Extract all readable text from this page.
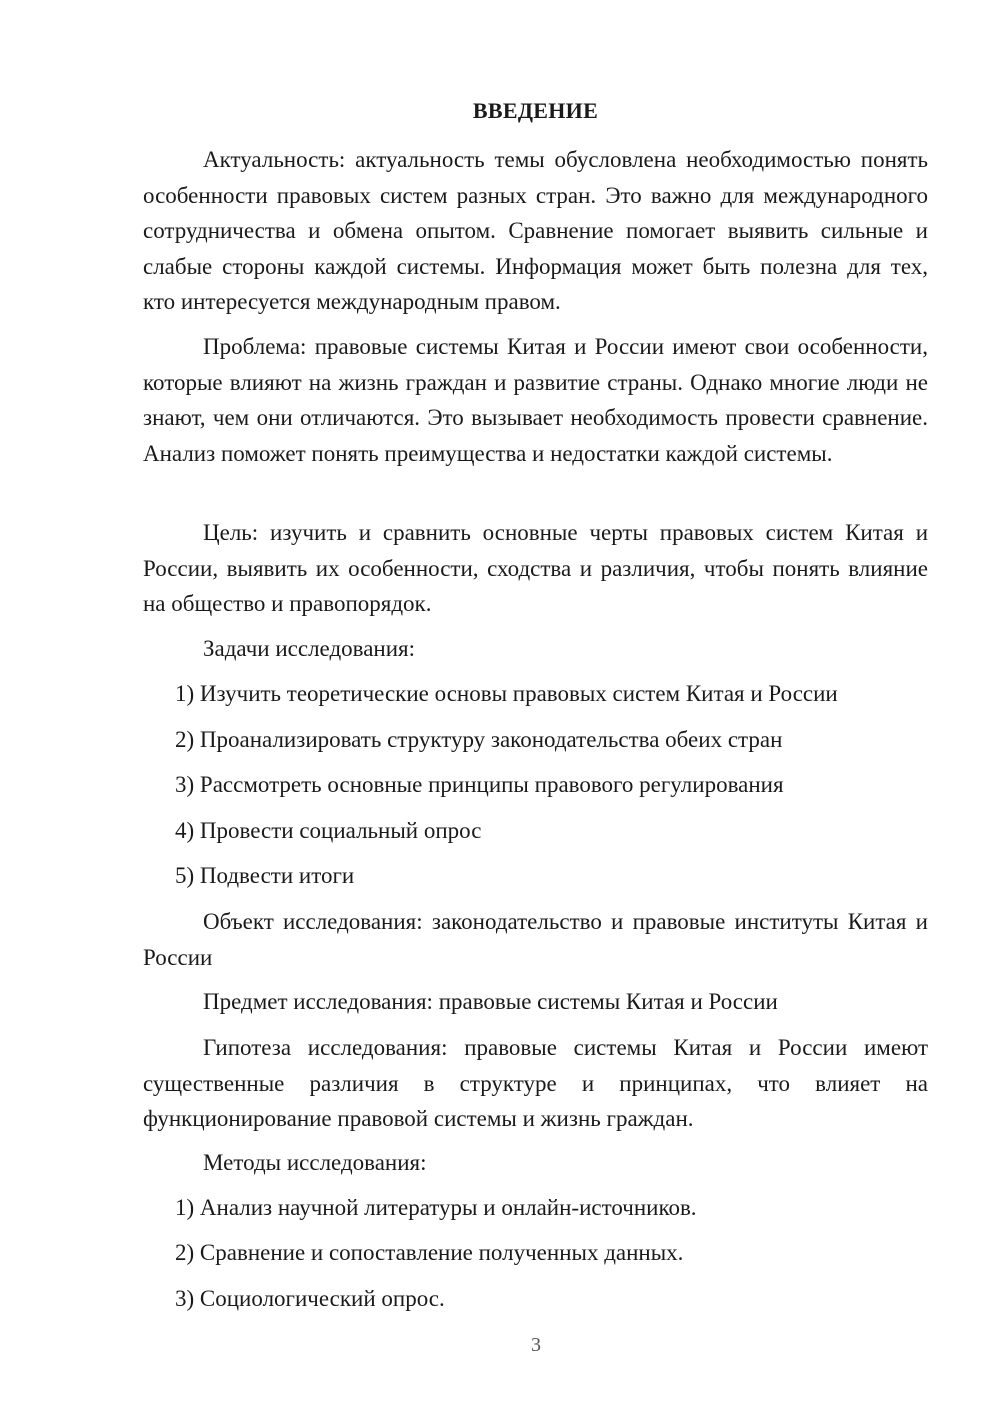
ВВЕДЕНИЕ

Актуальность: актуальность темы обусловлена необходимостью понять особенности правовых систем разных стран. Это важно для международного сотрудничества и обмена опытом. Сравнение помогает выявить сильные и слабые стороны каждой системы. Информация может быть полезна для тех, кто интересуется международным правом.

Проблема: правовые системы Китая и России имеют свои особенности, которые влияют на жизнь граждан и развитие страны. Однако многие люди не знают, чем они отличаются. Это вызывает необходимость провести сравнение. Анализ поможет понять преимущества и недостатки каждой системы.

Цель: изучить и сравнить основные черты правовых систем Китая и России, выявить их особенности, сходства и различия, чтобы понять влияние на общество и правопорядок.

Задачи исследования:
1) Изучить теоретические основы правовых систем Китая и России
2) Проанализировать структуру законодательства обеих стран
3) Рассмотреть основные принципы правового регулирования
4) Провести социальный опрос
5) Подвести итоги

Объект исследования: законодательство и правовые институты Китая и России

Предмет исследования: правовые системы Китая и России

Гипотеза исследования: правовые системы Китая и России имеют существенные различия в структуре и принципах, что влияет на функционирование правовой системы и жизнь граждан.

Методы исследования:
1) Анализ научной литературы и онлайн-источников.
2) Сравнение и сопоставление полученных данных.
3) Социологический опрос.
3
